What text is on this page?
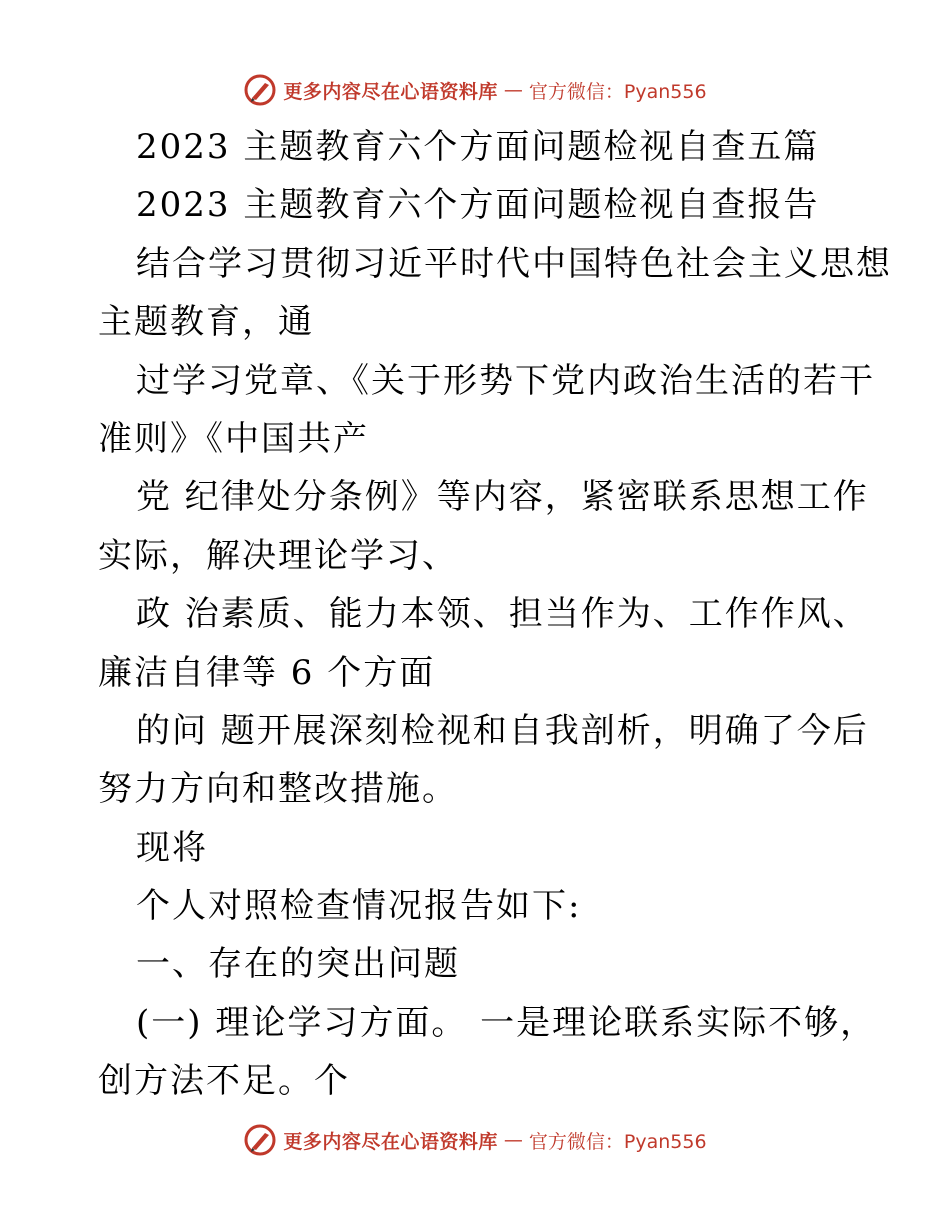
更多内容尽在心语资料库 — 官方微信：Pyan556
2023 主题教育六个方面问题检视自查五篇
2023 主题教育六个方面问题检视自查报告
结合学习贯彻习近平时代中国特色社会主义思想
主题教育，通
过学习党章、《关于形势下党内政治生活的若干
准则》《中国共产
党 纪律处分条例》等内容，紧密联系思想工作
实际，解决理论学习、
政 治素质、能力本领、担当作为、工作作风、
廉洁自律等 6 个方面
的问 题开展深刻检视和自我剖析，明确了今后
努力方向和整改措施。
现将
个人对照检查情况报告如下:
一、存在的突出问题
(一) 理论学习方面。 一是理论联系实际不够，
创方法不足。个
更多内容尽在心语资料库 — 官方微信：Pyan556
